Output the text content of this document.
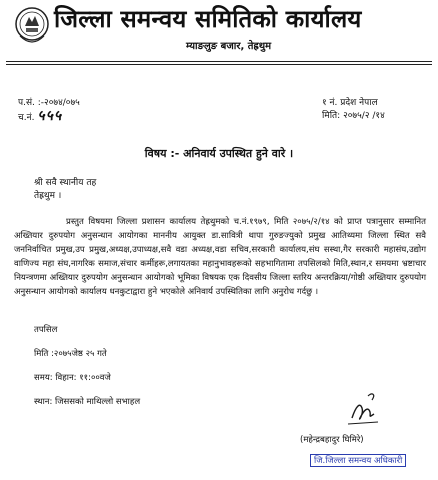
जिल्ला समन्वय समितिको कार्यालय
म्याङलुङ बजार, तेह्रथुम
प.सं. :-२०७४/०७५
च.नं. ५५५
१ नं. प्रदेश नेपाल
मिति: २०७५/२ /१४
विषय :- अनिवार्य उपस्थित हुने वारे ।
श्री सवै स्थानीय तह
तेह्रथुम ।
प्रस्तुत विषयमा जिल्ला प्रशासन कार्यालय तेह्रथुमको च.नं.१९७९, मिति २०७५/२/१४ को प्राप्त पत्रानुसार सम्मानित अख्तियार दुरुपयोग अनुसन्धान आयोगका माननीय आयुक्त डा.सावित्री थापा गुरुङज्युको प्रमुख आतिथ्यमा जिल्ला स्थित सवै जननिर्वाचित प्रमुख,उप प्रमुख,अध्यक्ष,उपाध्यक्ष,सवै वडा अध्यक्ष,वडा सचिव,सरकारी कार्यालय,संघ सस्था,गैर सरकारी महासंघ,उद्योग वाणिज्य महा संघ,नागरिक समाज,संचार कर्मीहरू,लगायतका महानुभावहरूको सहभागितामा तपसिलको मिति,स्थान,र समयमा भ्रष्टाचार नियन्त्रणमा अख्तियार दुरुपयोग अनुसन्धान आयोगको भूमिका विषयक एक दिवसीय जिल्ला स्तरिय अन्तरक्रिया/गोष्ठी अख्तियार दुरुपयोग अनुसन्धान आयोगको कार्यालय धनकुटाद्वारा हुने भएकोले अनिवार्य उपस्थितिका लागि अनुरोध गर्दछु ।
तपसिल
मिति :२०७५जेष्ठ २५ गते
समय: विहान: ११:००वजे
स्थान: जिससको माथिल्लो सभाहल
(महेन्द्रबहादुर घिमिरे)
जि.जिल्ला समन्वय अधिकारी
